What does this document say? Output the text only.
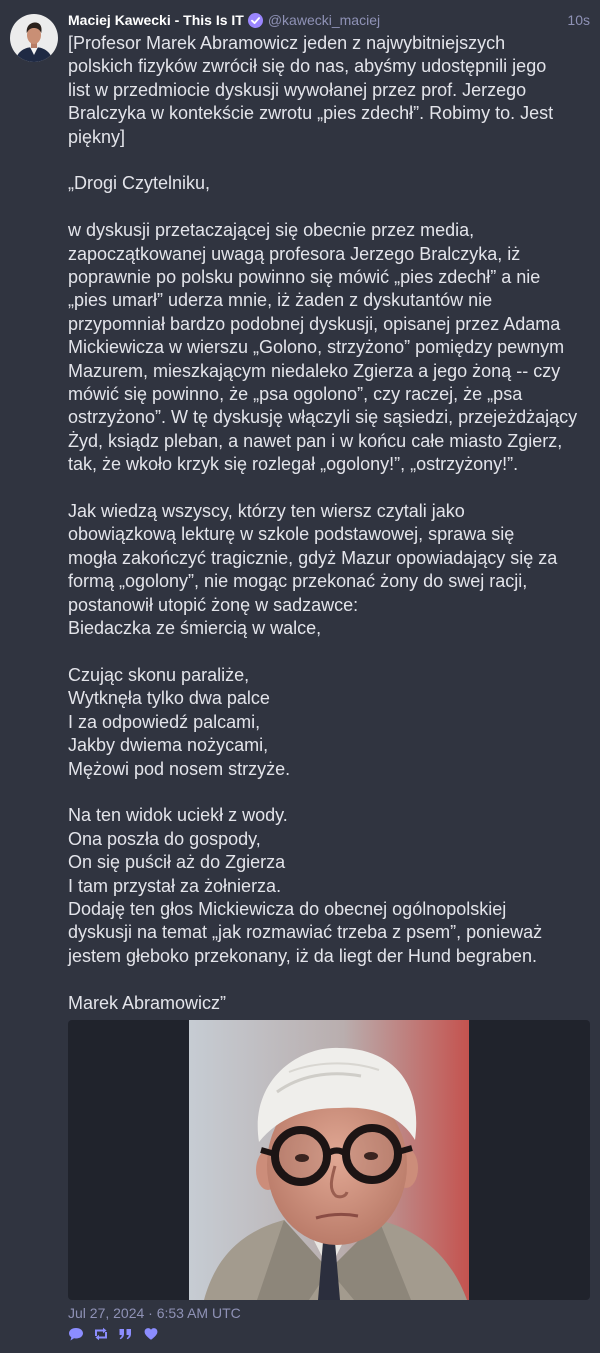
Maciej Kawecki - This Is IT @kawecki_maciej	10s
[Profesor Marek Abramowicz jeden z najwybitniejszych
polskich fizyków zwrócił się do nas, abyśmy udostępnili jego
list w przedmiocie dyskusji wywołanej przez prof. Jerzego
Bralczyka w kontekście zwrotu „pies zdechł”. Robimy to. Jest
piękny]
„Drogi Czytelniku,
w dyskusji przetaczającej się obecnie przez media,
zapoczątkowanej uwagą profesora Jerzego Bralczyka, iż
poprawnie po polsku powinno się mówić „pies zdechł” a nie
„pies umarł” uderza mnie, iż żaden z dyskutantów nie
przypomniał bardzo podobnej dyskusji, opisanej przez Adama
Mickiewicza w wierszu „Golono, strzyżono” pomiędzy pewnym
Mazurem, mieszkającym niedaleko Zgierza a jego żoną -- czy
mówić się powinno, że „psa ogolono”, czy raczej, że „psa
ostrzyżono”. W tę dyskusję włączyli się sąsiedzi, przejeżdżający
Żyd, ksiądz pleban, a nawet pan i w końcu całe miasto Zgierz,
tak, że wkoło krzyk się rozlegał „ogolony!”, „ostrzyżony!”.
Jak wiedzą wszyscy, którzy ten wiersz czytali jako
obowiązkową lekturę w szkole podstawowej, sprawa się
mogła zakończyć tragicznie, gdyż Mazur opowiadający się za
formą „ogolony”, nie mogąc przekonać żony do swej racji,
postanowił utopić żonę w sadzawce:
Biedaczka ze śmiercią w walce,
Czując skonu paraliże,
Wytknęła tylko dwa palce
I za odpowiedź palcami,
Jakby dwiema nożycami,
Mężowi pod nosem strzyże.
Na ten widok uciekł z wody.
Ona poszła do gospody,
On się puścił aż do Zgierza
I tam przystał za żołnierza.
Dodaję ten głos Mickiewicza do obecnej ogólnopolskiej
dyskusji na temat „jak rozmawiać trzeba z psem”, ponieważ
jestem głeboko przekonany, iż da liegt der Hund begraben.
Marek Abramowicz”
Jul 27, 2024 · 6:53 AM UTC
